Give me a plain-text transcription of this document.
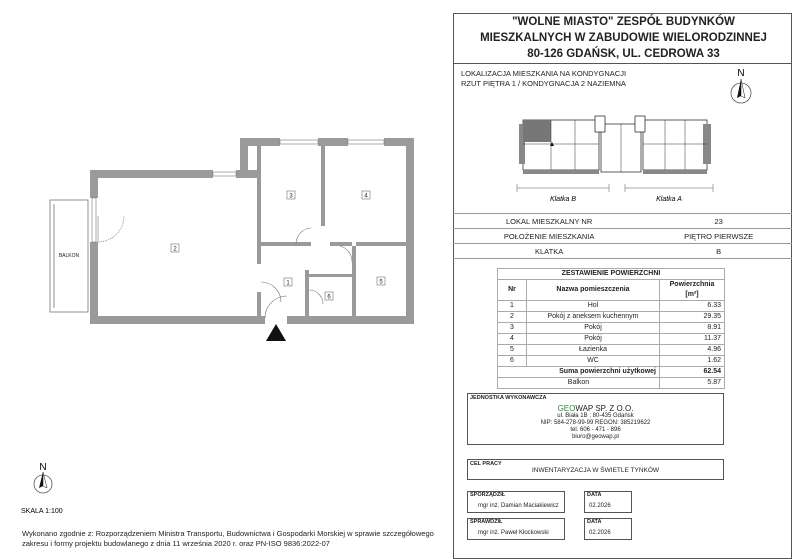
2
3	4
1	5
6
BALKON
N
SKALA 1:100
"WOLNE MIASTO" ZESPÓŁ BUDYNKÓW
MIESZKALNYCH W ZABUDOWIE WIELORODZINNEJ
80-126 GDAŃSK, UL. CEDROWA 33
LOKALIZACJA MIESZKANIA NA KONDYGNACJI
RZUT PIĘTRA 1 / KONDYGNACJA 2 NAZIEMNA
N
Klatka B	Klatka A
LOKAL MIESZKALNY NR	23
POŁOŻENIE MIESZKANIA	PIĘTRO PIERWSZE
KLATKA	B
ZESTAWIENIE POWIERZCHNI		
Nr	Nazwa pomieszczenia	Powierzchnia [m²]
1	Hol	6.33
2	Pokój z aneksem kuchennym	29.35
3	Pokój	8.91
4	Pokój	11.37
5	Łazienka	4.96
6	WC	1.62
Suma powierzchni użytkowej		62.54
Balkon		5.87
JEDNOSTKA WYKONAWCZA
GEOWAP SP. Z O.O.
ul. Biała 1B ; 80-435 Gdańsk
NIP: 584-278-99-99 REGON: 385219622
tel. 606 - 471 - 896
biuro@geowap.pl
CEL PRACY
INWENTARYZACJA W ŚWIETLE TYNKÓW
SPORZĄDZIŁ
mgr inż. Damian Maciakiewicz
DATA
02.2026
SPRAWDZIŁ
mgr inż. Paweł Kłockowski
DATA
02.2026
Wykonano zgodnie z: Rozporządzeniem Ministra Transportu, Budownictwa i Gospodarki Morskiej w sprawie szczegółowego
zakresu i formy projektu budowlanego z dnia 11 września 2020 r. oraz PN-ISO 9836:2022-07
